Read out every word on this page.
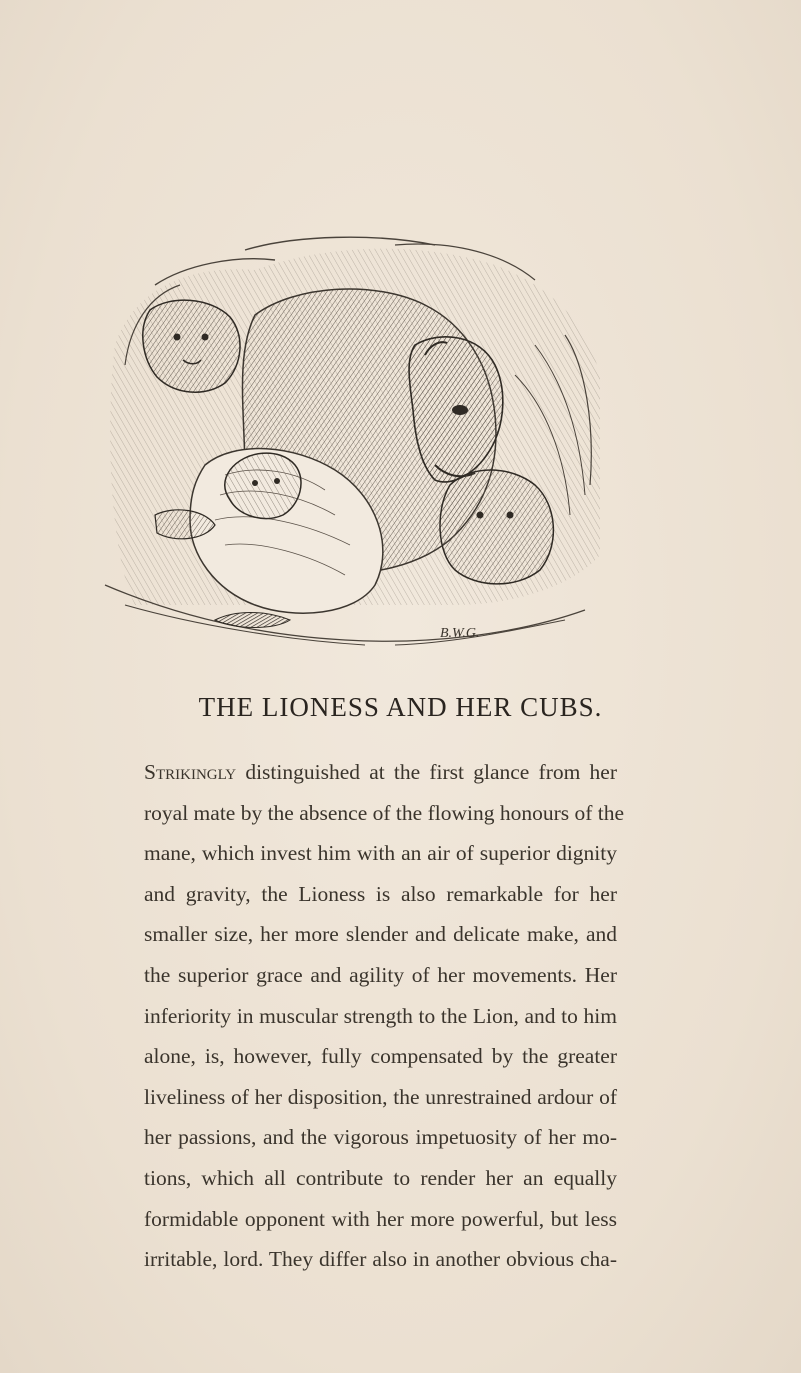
B.W.G.
THE LIONESS AND HER CUBS.
Strikingly distinguished at the first glance from her
royal mate by the absence of the flowing honours of the
mane, which invest him with an air of superior dignity
and gravity, the Lioness is also remarkable for her
smaller size, her more slender and delicate make, and
the superior grace and agility of her movements. Her
inferiority in muscular strength to the Lion, and to him
alone, is, however, fully compensated by the greater
liveliness of her disposition, the unrestrained ardour of
her passions, and the vigorous impetuosity of her mo-
tions, which all contribute to render her an equally
formidable opponent with her more powerful, but less
irritable, lord. They differ also in another obvious cha-
